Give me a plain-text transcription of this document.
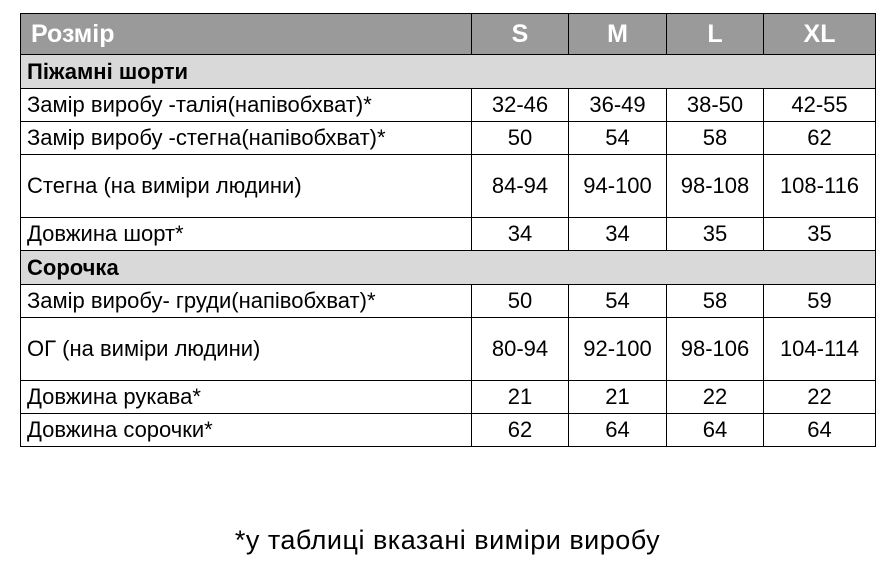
Розмір	S	M	L	XL
Піжамні шорти				
Замір виробу -талія(напівобхват)*	32-46	36-49	38-50	42-55
Замір виробу -стегна(напівобхват)*	50	54	58	62
Стегна (на виміри людини)	84-94	94-100	98-108	108-116
Довжина шорт*	34	34	35	35
Сорочка				
Замір виробу- груди(напівобхват)*	50	54	58	59
ОГ (на виміри людини)	80-94	92-100	98-106	104-114
Довжина рукава*	21	21	22	22
Довжина сорочки*	62	64	64	64
*у таблиці вказані виміри виробу
